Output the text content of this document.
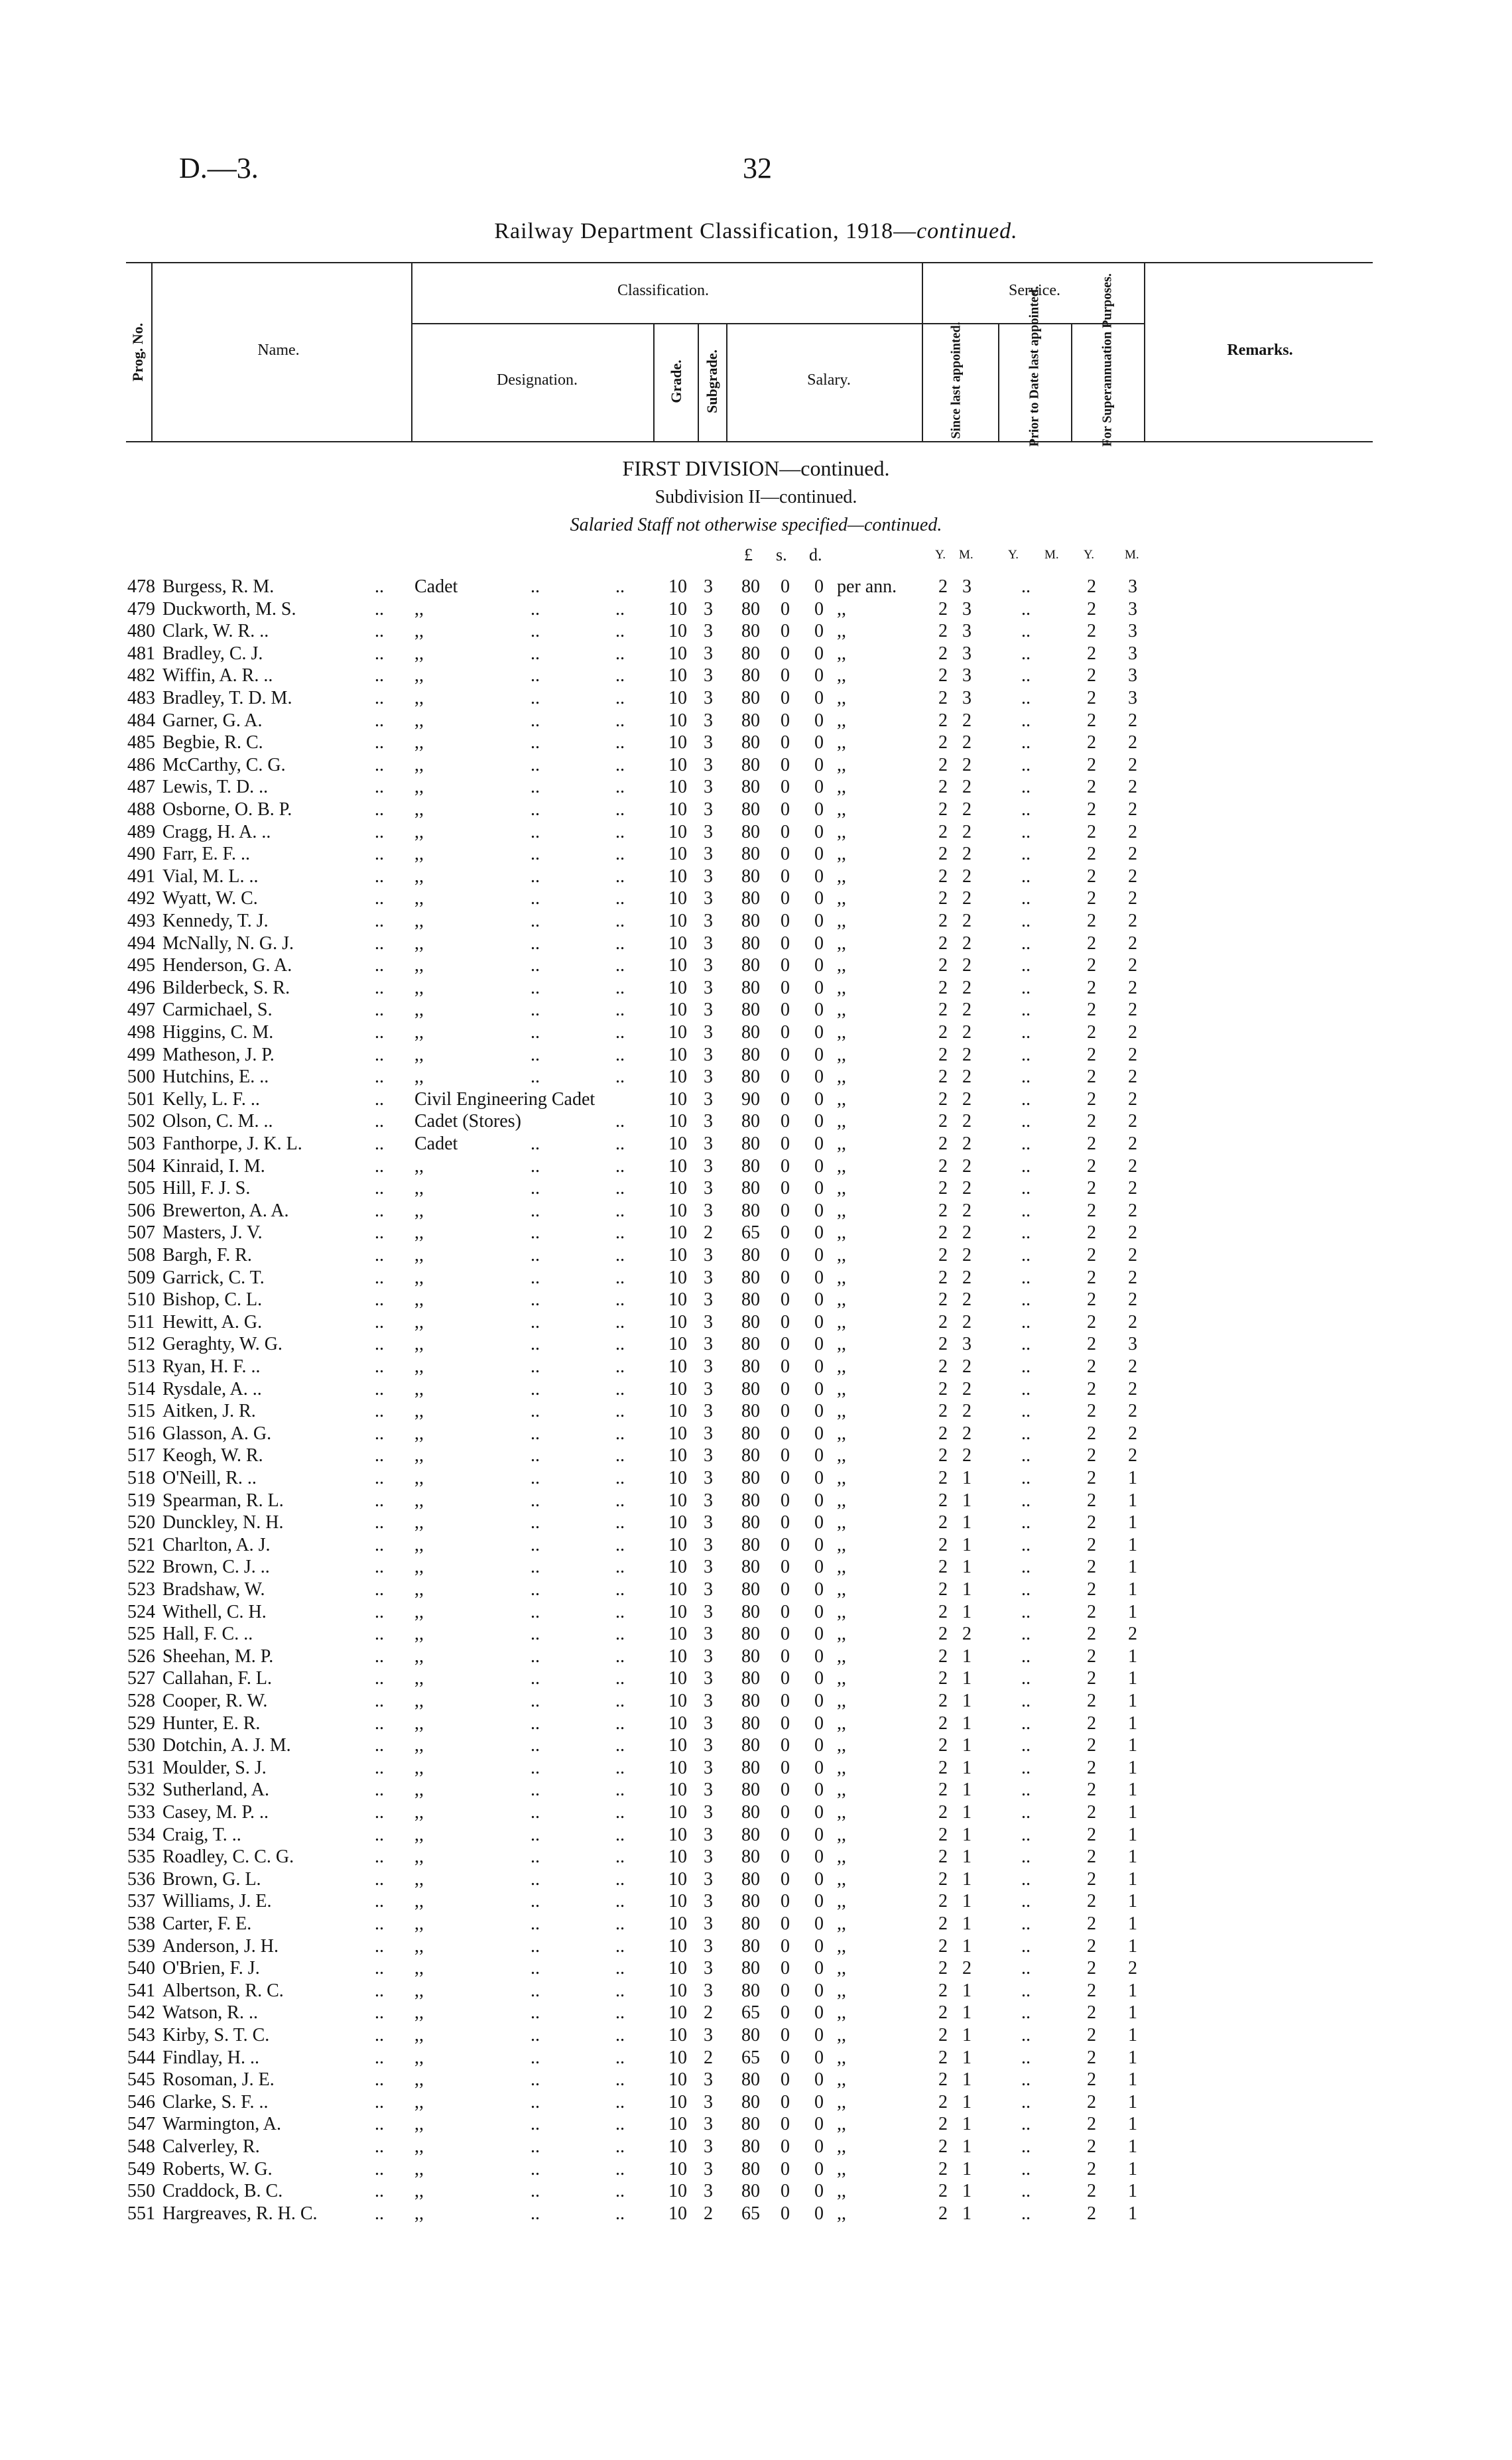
D.—3.	32
Railway Department Classification, 1918—continued.
Prog. No.	Name.
Classification.	Service.
Designation.	Grade. Subgrade.	Salary.	Since last appointed.	Prior to Date last appointed.	For Superannuation Purposes.	Remarks.
FIRST DIVISION—continued.
Subdivision II—continued.
Salaried Staff not otherwise specified—continued.
£ s. d.	Y. M.	Y. M. Y. M.
478 Burgess, R. M.	.. Cadet	..	.. 10 3	80	0 0 per ann. 2 3	..	2 3
479 Duckworth, M. S.	.. ,,	..	.. 10 3	80	0 0 ,,	2 3	..	2 3
480 Clark, W. R. ..	.. ,,	..	.. 10 3	80	0 0 ,,	2 3	..	2 3
481 Bradley, C. J.	.. ,,	..	.. 10 3	80	0 0 ,,	2 3	..	2 3
482 Wiffin, A. R. ..	.. ,,	..	.. 10 3	80	0 0 ,,	2 3	..	2 3
483 Bradley, T. D. M.	.. ,,	..	.. 10 3	80	0 0 ,,	2 3	..	2 3
484 Garner, G. A.	.. ,,	..	.. 10 3	80	0 0 ,,	2 2	..	2 2
485 Begbie, R. C.	.. ,,	..	.. 10 3	80	0 0 ,,	2 2	..	2 2
486 McCarthy, C. G.	.. ,,	..	.. 10 3	80	0 0 ,,	2 2	..	2 2
487 Lewis, T. D. ..	.. ,,	..	.. 10 3	80	0 0 ,,	2 2	..	2 2
488 Osborne, O. B. P.	.. ,,	..	.. 10 3	80	0 0 ,,	2 2	..	2 2
489 Cragg, H. A. ..	.. ,,	..	.. 10 3	80	0 0 ,,	2 2	..	2 2
490 Farr, E. F. ..	.. ,,	..	.. 10 3	80	0 0 ,,	2 2	..	2 2
491 Vial, M. L. ..	.. ,,	..	.. 10 3	80	0 0 ,,	2 2	..	2 2
492 Wyatt, W. C.	.. ,,	..	.. 10 3	80	0 0 ,,	2 2	..	2 2
493 Kennedy, T. J.	.. ,,	..	.. 10 3	80	0 0 ,,	2 2	..	2 2
494 McNally, N. G. J.	.. ,,	..	.. 10 3	80	0 0 ,,	2 2	..	2 2
495 Henderson, G. A.	.. ,,	..	.. 10 3	80	0 0 ,,	2 2	..	2 2
496 Bilderbeck, S. R.	.. ,,	..	.. 10 3	80	0 0 ,,	2 2	..	2 2
497 Carmichael, S.	.. ,,	..	.. 10 3	80	0 0 ,,	2 2	..	2 2
498 Higgins, C. M.	.. ,,	..	.. 10 3	80	0 0 ,,	2 2	..	2 2
499 Matheson, J. P.	.. ,,	..	.. 10 3	80	0 0 ,,	2 2	..	2 2
500 Hutchins, E. ..	.. ,,	..	.. 10 3	80	0 0 ,,	2 2	..	2 2
501 Kelly, L. F. ..	.. Civil Engineering Cadet	10 3	90	0 0 ,,	2 2	..	2 2
502 Olson, C. M. ..	.. Cadet (Stores)	.. 10 3	80	0 0 ,,	2 2	..	2 2
503 Fanthorpe, J. K. L.	.. Cadet	..	.. 10 3	80	0 0 ,,	2 2	..	2 2
504 Kinraid, I. M.	.. ,,	..	.. 10 3	80	0 0 ,,	2 2	..	2 2
505 Hill, F. J. S.	.. ,,	..	.. 10 3	80	0 0 ,,	2 2	..	2 2
506 Brewerton, A. A.	.. ,,	..	.. 10 3	80	0 0 ,,	2 2	..	2 2
507 Masters, J. V.	.. ,,	..	.. 10 2	65	0 0 ,,	2 2	..	2 2
508 Bargh, F. R.	.. ,,	..	.. 10 3	80	0 0 ,,	2 2	..	2 2
509 Garrick, C. T.	.. ,,	..	.. 10 3	80	0 0 ,,	2 2	..	2 2
510 Bishop, C. L.	.. ,,	..	.. 10 3	80	0 0 ,,	2 2	..	2 2
511 Hewitt, A. G.	.. ,,	..	.. 10 3	80	0 0 ,,	2 2	..	2 2
512 Geraghty, W. G.	.. ,,	..	.. 10 3	80	0 0 ,,	2 3	..	2 3
513 Ryan, H. F. ..	.. ,,	..	.. 10 3	80	0 0 ,,	2 2	..	2 2
514 Rysdale, A. ..	.. ,,	..	.. 10 3	80	0 0 ,,	2 2	..	2 2
515 Aitken, J. R.	.. ,,	..	.. 10 3	80	0 0 ,,	2 2	..	2 2
516 Glasson, A. G.	.. ,,	..	.. 10 3	80	0 0 ,,	2 2	..	2 2
517 Keogh, W. R.	.. ,,	..	.. 10 3	80	0 0 ,,	2 2	..	2 2
518 O'Neill, R. ..	.. ,,	..	.. 10 3	80	0 0 ,,	2 1	..	2 1
519 Spearman, R. L.	.. ,,	..	.. 10 3	80	0 0 ,,	2 1	..	2 1
520 Dunckley, N. H.	.. ,,	..	.. 10 3	80	0 0 ,,	2 1	..	2 1
521 Charlton, A. J.	.. ,,	..	.. 10 3	80	0 0 ,,	2 1	..	2 1
522 Brown, C. J. ..	.. ,,	..	.. 10 3	80	0 0 ,,	2 1	..	2 1
523 Bradshaw, W.	.. ,,	..	.. 10 3	80	0 0 ,,	2 1	..	2 1
524 Withell, C. H.	.. ,,	..	.. 10 3	80	0 0 ,,	2 1	..	2 1
525 Hall, F. C. ..	.. ,,	..	.. 10 3	80	0 0 ,,	2 2	..	2 2
526 Sheehan, M. P.	.. ,,	..	.. 10 3	80	0 0 ,,	2 1	..	2 1
527 Callahan, F. L.	.. ,,	..	.. 10 3	80	0 0 ,,	2 1	..	2 1
528 Cooper, R. W.	.. ,,	..	.. 10 3	80	0 0 ,,	2 1	..	2 1
529 Hunter, E. R.	.. ,,	..	.. 10 3	80	0 0 ,,	2 1	..	2 1
530 Dotchin, A. J. M.	.. ,,	..	.. 10 3	80	0 0 ,,	2 1	..	2 1
531 Moulder, S. J.	.. ,,	..	.. 10 3	80	0 0 ,,	2 1	..	2 1
532 Sutherland, A.	.. ,,	..	.. 10 3	80	0 0 ,,	2 1	..	2 1
533 Casey, M. P. ..	.. ,,	..	.. 10 3	80	0 0 ,,	2 1	..	2 1
534 Craig, T. ..	.. ,,	..	.. 10 3	80	0 0 ,,	2 1	..	2 1
535 Roadley, C. C. G.	.. ,,	..	.. 10 3	80	0 0 ,,	2 1	..	2 1
536 Brown, G. L.	.. ,,	..	.. 10 3	80	0 0 ,,	2 1	..	2 1
537 Williams, J. E.	.. ,,	..	.. 10 3	80	0 0 ,,	2 1	..	2 1
538 Carter, F. E.	.. ,,	..	.. 10 3	80	0 0 ,,	2 1	..	2 1
539 Anderson, J. H.	.. ,,	..	.. 10 3	80	0 0 ,,	2 1	..	2 1
540 O'Brien, F. J.	.. ,,	..	.. 10 3	80	0 0 ,,	2 2	..	2 2
541 Albertson, R. C.	.. ,,	..	.. 10 3	80	0 0 ,,	2 1	..	2 1
542 Watson, R. ..	.. ,,	..	.. 10 2	65	0 0 ,,	2 1	..	2 1
543 Kirby, S. T. C.	.. ,,	..	.. 10 3	80	0 0 ,,	2 1	..	2 1
544 Findlay, H. ..	.. ,,	..	.. 10 2	65	0 0 ,,	2 1	..	2 1
545 Rosoman, J. E.	.. ,,	..	.. 10 3	80	0 0 ,,	2 1	..	2 1
546 Clarke, S. F. ..	.. ,,	..	.. 10 3	80	0 0 ,,	2 1	..	2 1
547 Warmington, A.	.. ,,	..	.. 10 3	80	0 0 ,,	2 1	..	2 1
548 Calverley, R.	.. ,,	..	.. 10 3	80	0 0 ,,	2 1	..	2 1
549 Roberts, W. G.	.. ,,	..	.. 10 3	80	0 0 ,,	2 1	..	2 1
550 Craddock, B. C.	.. ,,	..	.. 10 3	80	0 0 ,,	2 1	..	2 1
551 Hargreaves, R. H. C.	.. ,,	..	.. 10 2	65	0 0 ,,	2 1	..	2 1
